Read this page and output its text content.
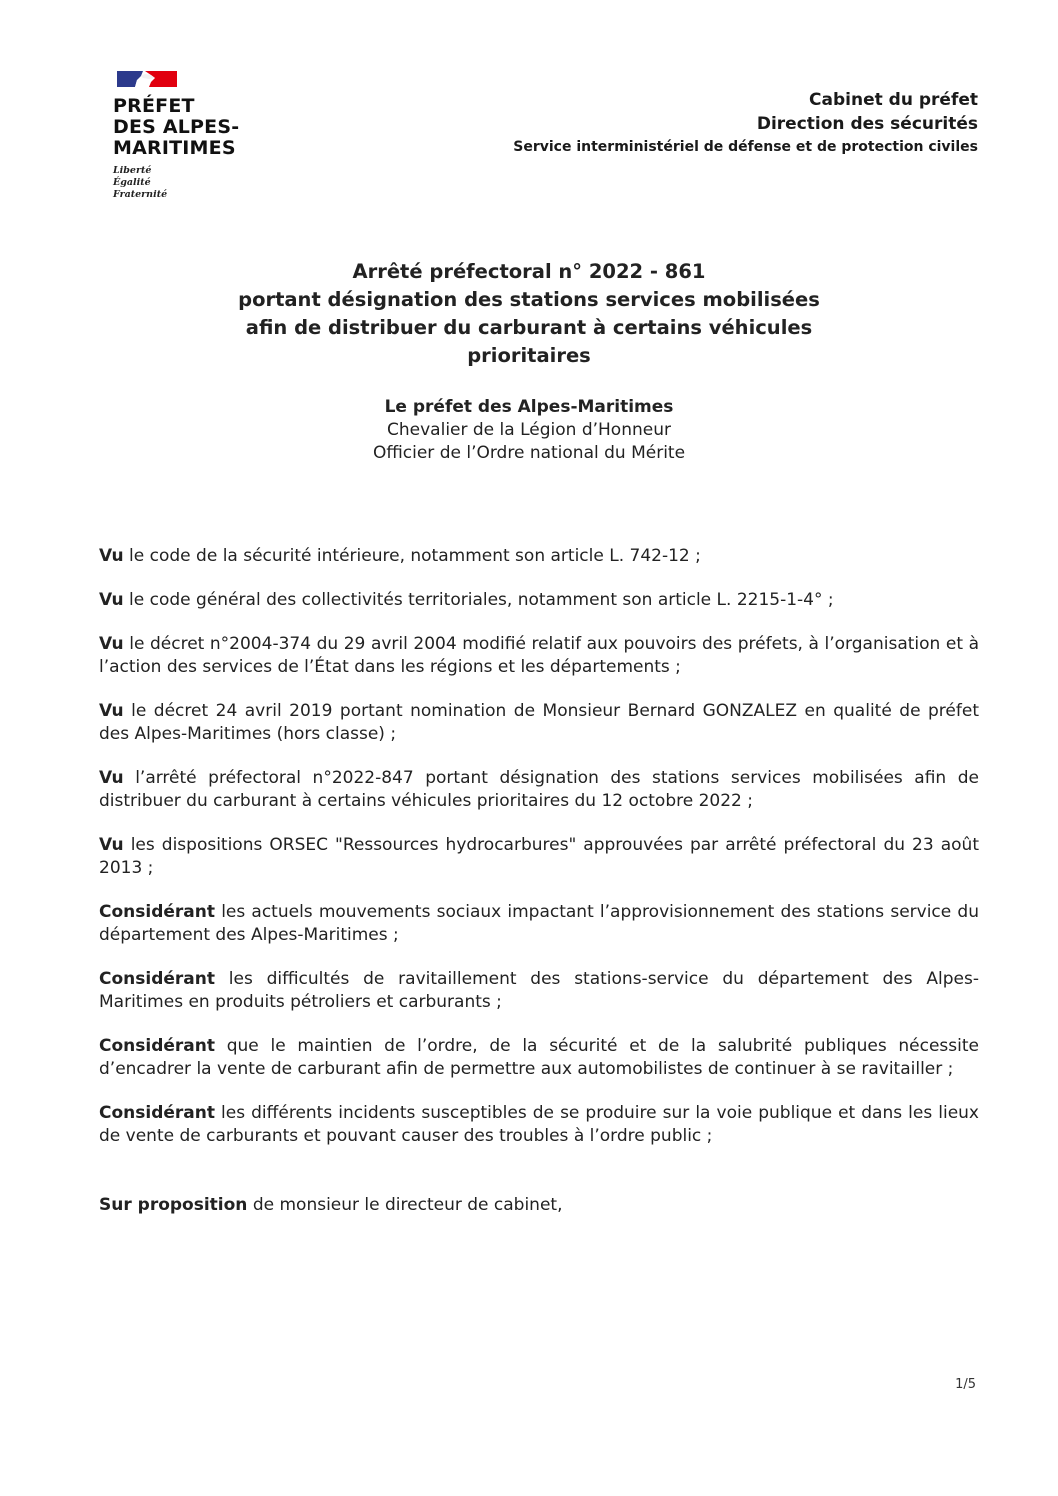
PRÉFET
DES ALPES-
MARITIMES
Liberté
Égalité
Fraternité
Cabinet du préfet
Direction des sécurités
Service interministériel de défense et de protection civiles
Arrêté préfectoral n° 2022 - 861
portant désignation des stations services mobilisées
afin de distribuer du carburant à certains véhicules
prioritaires
Le préfet des Alpes-Maritimes
Chevalier de la Légion d’Honneur
Officier de l’Ordre national du Mérite

Vu le code de la sécurité intérieure, notamment son article L. 742-12 ;

Vu le code général des collectivités territoriales, notamment son article L. 2215-1-4° ;

Vu le décret n°2004-374 du 29 avril 2004 modifié relatif aux pouvoirs des préfets, à l’organisation et à l’action des services de l’État dans les régions et les départements ;

Vu le décret 24 avril 2019 portant nomination de Monsieur Bernard GONZALEZ en qualité de préfet des Alpes-Maritimes (hors classe) ;

Vu l’arrêté préfectoral n°2022-847 portant désignation des stations services mobilisées afin de distribuer du carburant à certains véhicules prioritaires du 12 octobre 2022 ;

Vu les dispositions ORSEC "Ressources hydrocarbures" approuvées par arrêté préfectoral du 23 août 2013 ;

Considérant les actuels mouvements sociaux impactant l’approvisionnement des stations service du département des Alpes-Maritimes ;

Considérant les difficultés de ravitaillement des stations-service du département des Alpes-Maritimes en produits pétroliers et carburants ;

Considérant que le maintien de l’ordre, de la sécurité et de la salubrité publiques nécessite d’encadrer la vente de carburant afin de permettre aux automobilistes de continuer à se ravitailler ;

Considérant les différents incidents susceptibles de se produire sur la voie publique et dans les lieux de vente de carburants et pouvant causer des troubles à l’ordre public ;

Sur proposition de monsieur le directeur de cabinet,

1/5
